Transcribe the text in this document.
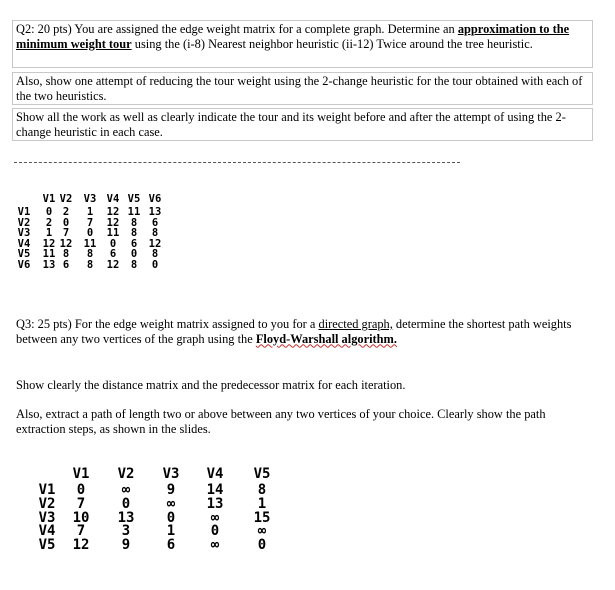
Q2: 20 pts) You are assigned the edge weight matrix for a complete graph. Determine an approximation to the minimum weight tour using the (i-8) Nearest neighbor heuristic (ii-12) Twice around the tree heuristic.
Also, show one attempt of reducing the tour weight using the 2-change heuristic for the tour obtained with each of the two heuristics.
Show all the work as well as clearly indicate the tour and its weight before and after the attempt of using the 2-change heuristic in each case.
V1 V2	V3 V4 V5 V6
V1	0	2	1	12 11 13
V2	2	0	7	12	8	6
V3	1	7	0	11	8	8
V4	12 12	11	0	6	12
V5	11 8	8	6	0	8
V6	13 6	8	12	8	0
Q3: 25 pts) For the edge weight matrix assigned to you for a directed graph, determine the shortest path weights between any two vertices of the graph using the Floyd-Warshall algorithm.
Show clearly the distance matrix and the predecessor matrix for each iteration.
Also, extract a path of length two or above between any two vertices of your choice. Clearly show the path extraction steps, as shown in the slides.
V1	V2	V3	V4	V5
V1	0	∞	9	14	8
V2	7	0	∞	13	1
V3	10	13	0	∞	15
V4	7	3	1	0	∞
V5	12	9	6	∞	0
